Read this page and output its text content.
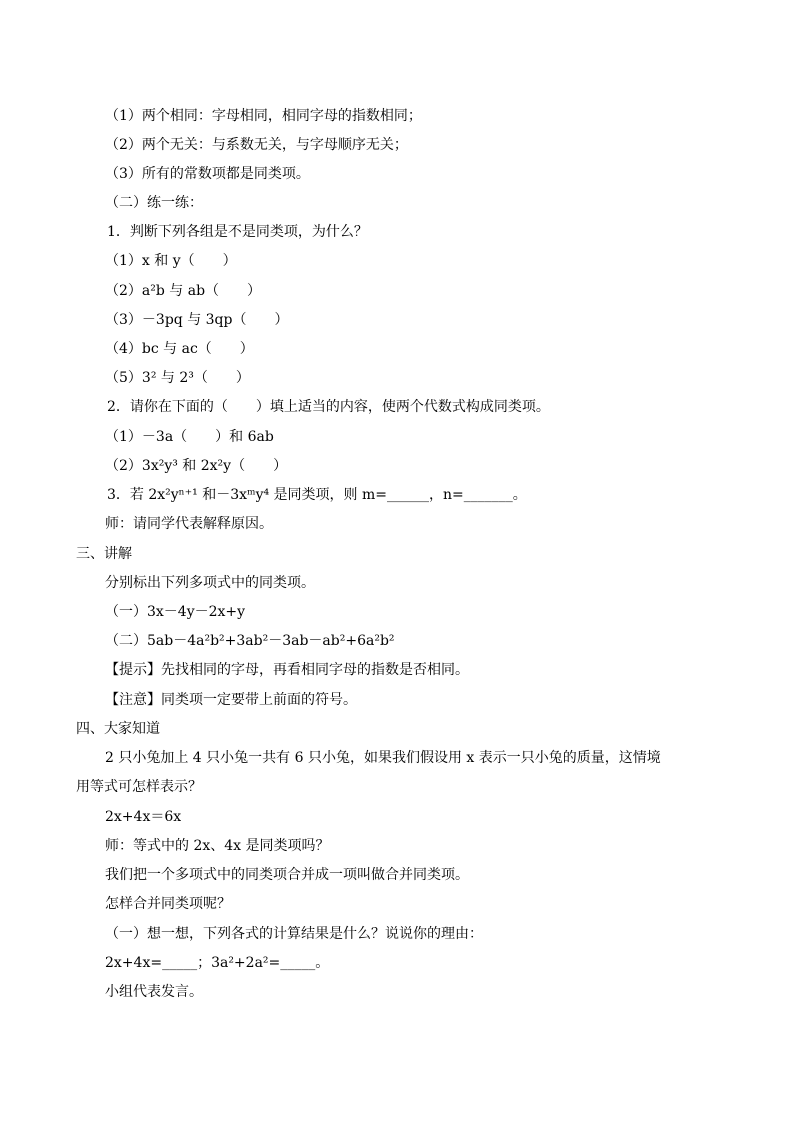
（1）两个相同：字母相同，相同字母的指数相同；
（2）两个无关：与系数无关，与字母顺序无关；
（3）所有的常数项都是同类项。
（二）练一练：
1．判断下列各组是不是同类项，为什么？
（1）x 和 y（　　）
（2）a²b 与 ab（　　）
（3）－3pq 与 3qp（　　）
（4）bc 与 ac（　　）
（5）3² 与 2³（　　）
2．请你在下面的（　　）填上适当的内容，使两个代数式构成同类项。
（1）－3a（　　）和 6ab
（2）3x²y³ 和 2x²y（　　）
3．若 2x²yⁿ⁺¹ 和－3xᵐy⁴ 是同类项，则 m=______，n=_______。
师：请同学代表解释原因。
三、讲解
分别标出下列多项式中的同类项。
（一）3x－4y－2x+y
（二）5ab－4a²b²+3ab²－3ab－ab²+6a²b²
【提示】先找相同的字母，再看相同字母的指数是否相同。
【注意】同类项一定要带上前面的符号。
四、大家知道
2 只小兔加上 4 只小兔一共有 6 只小兔，如果我们假设用 x 表示一只小兔的质量，这情境
用等式可怎样表示？
2x+4x＝6x
师：等式中的 2x、4x 是同类项吗？
我们把一个多项式中的同类项合并成一项叫做合并同类项。
怎样合并同类项呢？
（一）想一想，下列各式的计算结果是什么？说说你的理由：
2x+4x=_____；3a²+2a²=_____。
小组代表发言。
